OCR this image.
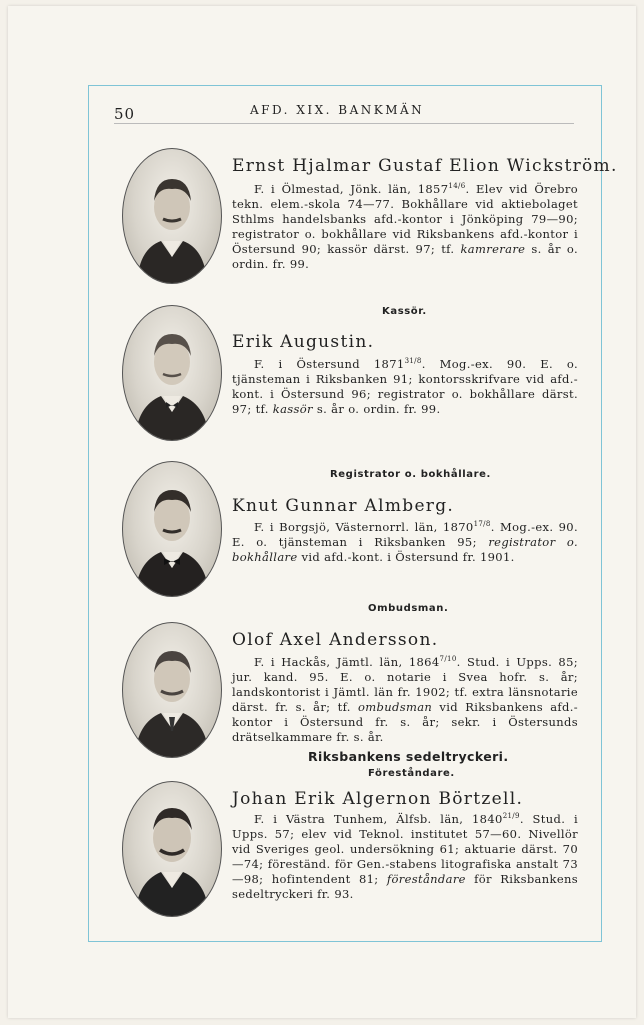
50	AFD. XIX. BANKMÄN
Ernst Hjalmar Gustaf Elion Wickström.
F. i Ölmestad, Jönk. län, $1857^{14/6}$. Elev vid Örebro tekn. elem.-skola 74—77. Bokhållare vid aktiebolaget Sthlms handelsbanks afd.-kontor i Jönköping 79—90; registrator o. bokhållare vid Riksbankens afd.-kontor i Östersund 90; kassör därst. 97; tf. kamrerare s. år o. ordin. fr. 99.
Kassör.
Erik Augustin.
F. i Östersund $1871^{31/8}$. Mog.-ex. 90. E. o. tjänsteman i Riksbanken 91; kontorsskrifvare vid afd.-kont. i Östersund 96; registrator o. bokhållare därst. 97; tf. kassör s. år o. ordin. fr. 99.
Registrator o. bokhållare.
Knut Gunnar Almberg.
F. i Borgsjö, Västernorrl. län, $1870^{17/8}$. Mog.-ex. 90. E. o. tjänsteman i Riksbanken 95; registrator o. bokhållare vid afd.-kont. i Östersund fr. 1901.
Ombudsman.
Olof Axel Andersson.
F. i Hackås, Jämtl. län, $1864^{7/10}$. Stud. i Upps. 85; jur. kand. 95. E. o. notarie i Svea hofr. s. år; landskontorist i Jämtl. län fr. 1902; tf. extra länsnotarie därst. fr. s. år; tf. ombudsman vid Riksbankens afd.-kontor i Östersund fr. s. år; sekr. i Östersunds drätselkammare fr. s. år.
Riksbankens sedeltryckeri.
Föreståndare.
Johan Erik Algernon Börtzell.
F. i Västra Tunhem, Älfsb. län, $1840^{21/9}$. Stud. i Upps. 57; elev vid Teknol. institutet 57—60. Nivellör vid Sveriges geol. undersökning 61; aktuarie därst. 70—74; föreständ. för Gen.-stabens litografiska anstalt 73—98; hofintendent 81; föreståndare för Riksbankens sedeltryckeri fr. 93.
